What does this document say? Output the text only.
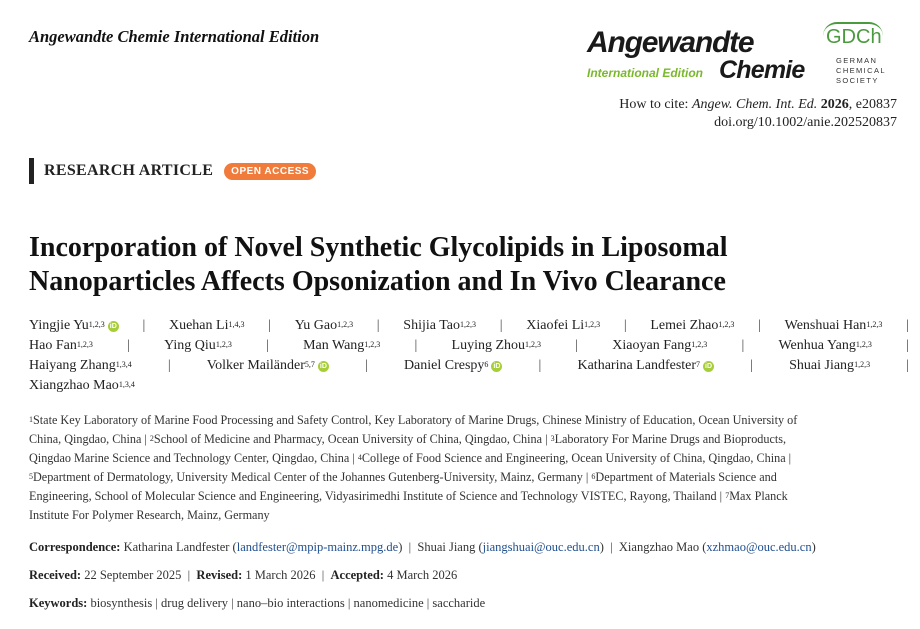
Angewandte Chemie International Edition	Angewandte
International Edition Chemie
GDCh
GERMAN
CHEMICAL SOCIETY
How to cite: Angew. Chem. Int. Ed. 2026, e20837
doi.org/10.1002/anie.202520837
RESEARCH ARTICLE	OPEN ACCESS
Incorporation of Novel Synthetic Glycolipids in Liposomal
Nanoparticles Affects Opsonization and In Vivo Clearance
Yingjie Yu$^{1,2,3}$ iD | Xuehan Li$^{1,4,3}$ | Yu Gao$^{1,2,3}$ | Shijia Tao$^{1,2,3}$ | Xiaofei Li$^{1,2,3}$ | Lemei Zhao$^{1,2,3}$ | Wenshuai Han$^{1,2,3}$ |
Hao Fan$^{1,2,3}$ | Ying Qiu$^{1,2,3}$ | Man Wang$^{1,2,3}$ | Luying Zhou$^{1,2,3}$ | Xiaoyan Fang$^{1,2,3}$ | Wenhua Yang$^{1,2,3}$ |
Haiyang Zhang$^{1,3,4}$	|	Volker Mailänder$^{5,7}$ iD	|	Daniel Crespy$^6$ iD	|	Katharina Landfester$^7$ iD	|	Shuai Jiang$^{1,2,3}$	|
Xiangzhao Mao$^{1,3,4}$
$^1$State Key Laboratory of Marine Food Processing and Safety Control, Key Laboratory of Marine Drugs, Chinese Ministry of Education, Ocean University of
China, Qingdao, China | $^2$School of Medicine and Pharmacy, Ocean University of China, Qingdao, China | $^3$Laboratory For Marine Drugs and Bioproducts,
Qingdao Marine Science and Technology Center, Qingdao, China | $^4$College of Food Science and Engineering, Ocean University of China, Qingdao, China |
$^5$Department of Dermatology, University Medical Center of the Johannes Gutenberg-University, Mainz, Germany | $^6$Department of Materials Science and
Engineering, School of Molecular Science and Engineering, Vidyasirimedhi Institute of Science and Technology VISTEC, Rayong, Thailand | $^7$Max Planck
Institute For Polymer Research, Mainz, Germany
Correspondence: Katharina Landfester (landfester@mpip-mainz.mpg.de) | Shuai Jiang (jiangshuai@ouc.edu.cn) | Xiangzhao Mao (xzhmao@ouc.edu.cn)
Received: 22 September 2025 | Revised: 1 March 2026 | Accepted: 4 March 2026
Keywords: biosynthesis | drug delivery | nano–bio interactions | nanomedicine | saccharide
